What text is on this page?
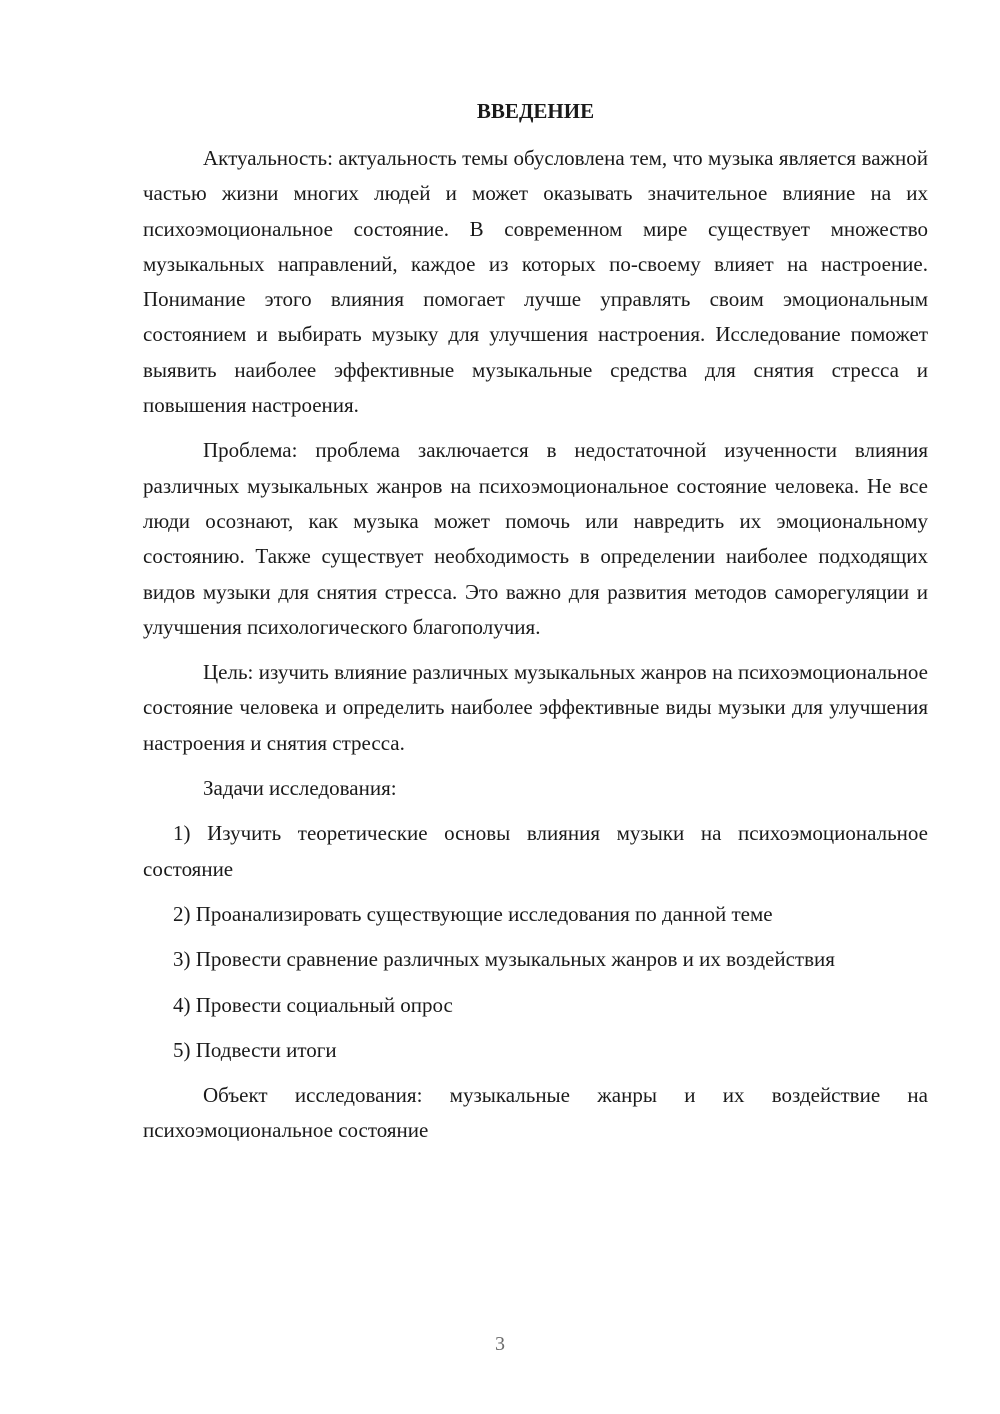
ВВЕДЕНИЕ

Актуальность: актуальность темы обусловлена тем, что музыка является важной частью жизни многих людей и может оказывать значительное влияние на их психоэмоциональное состояние. В современном мире существует множество музыкальных направлений, каждое из которых по-своему влияет на настроение. Понимание этого влияния помогает лучше управлять своим эмоциональным состоянием и выбирать музыку для улучшения настроения. Исследование поможет выявить наиболее эффективные музыкальные средства для снятия стресса и повышения настроения.

Проблема: проблема заключается в недостаточной изученности влияния различных музыкальных жанров на психоэмоциональное состояние человека. Не все люди осознают, как музыка может помочь или навредить их эмоциональному состоянию. Также существует необходимость в определении наиболее подходящих видов музыки для снятия стресса. Это важно для развития методов саморегуляции и улучшения психологического благополучия.

Цель: изучить влияние различных музыкальных жанров на психоэмоциональное состояние человека и определить наиболее эффективные виды музыки для улучшения настроения и снятия стресса.

Задачи исследования:

1) Изучить теоретические основы влияния музыки на психоэмоциональное состояние

2) Проанализировать существующие исследования по данной теме

3) Провести сравнение различных музыкальных жанров и их воздействия

4) Провести социальный опрос

5) Подвести итоги

Объект исследования: музыкальные жанры и их воздействие на психоэмоциональное состояние

3
